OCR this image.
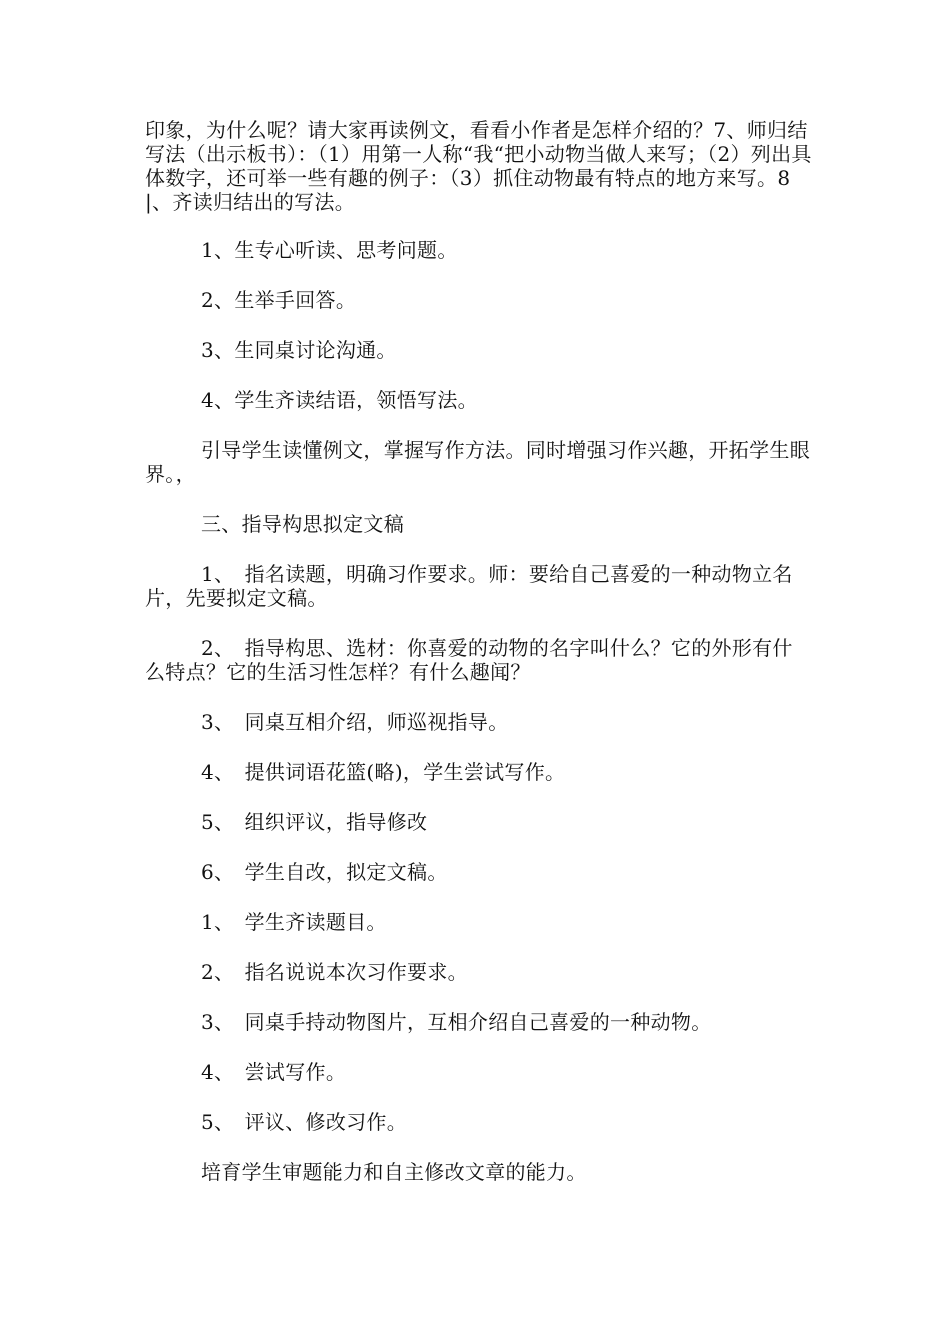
印象，为什么呢？请大家再读例文，看看小作者是怎样介绍的？7、师归结写法（出示板书）：（1）用第一人称“我“把小动物当做人来写；（2）列出具体数字，还可举一些有趣的例子：（3）抓住动物最有特点的地方来写。8|、齐读归结出的写法。

1、生专心听读、思考问题。

2、生举手回答。

3、生同桌讨论沟通。

4、学生齐读结语，领悟写法。

引导学生读懂例文，掌握写作方法。同时增强习作兴趣，开拓学生眼界。，

三、指导构思拟定文稿

1、　指名读题，明确习作要求。师：要给自己喜爱的一种动物立名片，先要拟定文稿。

2、　指导构思、选材：你喜爱的动物的名字叫什么？它的外形有什么特点？它的生活习性怎样？有什么趣闻？

3、　同桌互相介绍，师巡视指导。

4、　提供词语花篮(略)，学生尝试写作。

5、　组织评议，指导修改

6、　学生自改，拟定文稿。

1、　学生齐读题目。

2、　指名说说本次习作要求。

3、　同桌手持动物图片，互相介绍自己喜爱的一种动物。

4、　尝试写作。

5、　评议、修改习作。

培育学生审题能力和自主修改文章的能力。
